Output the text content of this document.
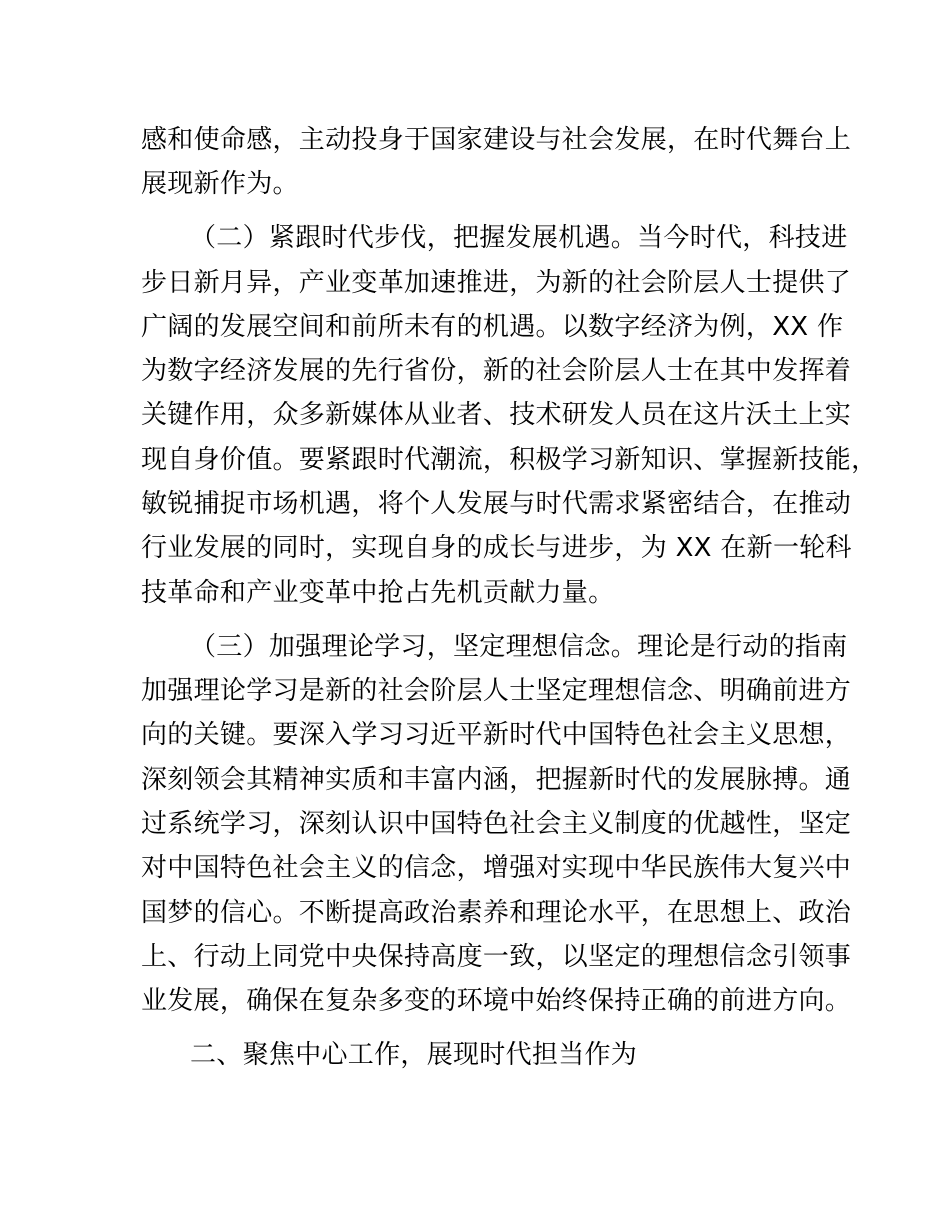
感和使命感，主动投身于国家建设与社会发展，在时代舞台上
展现新作为。
（二）紧跟时代步伐，把握发展机遇。当今时代，科技进
步日新月异，产业变革加速推进，为新的社会阶层人士提供了
广阔的发展空间和前所未有的机遇。以数字经济为例，XX 作
为数字经济发展的先行省份，新的社会阶层人士在其中发挥着
关键作用，众多新媒体从业者、技术研发人员在这片沃土上实
现自身价值。要紧跟时代潮流，积极学习新知识、掌握新技能，
敏锐捕捉市场机遇，将个人发展与时代需求紧密结合，在推动
行业发展的同时，实现自身的成长与进步，为 XX 在新一轮科
技革命和产业变革中抢占先机贡献力量。
（三）加强理论学习，坚定理想信念。理论是行动的指南
加强理论学习是新的社会阶层人士坚定理想信念、明确前进方
向的关键。要深入学习习近平新时代中国特色社会主义思想，
深刻领会其精神实质和丰富内涵，把握新时代的发展脉搏。通
过系统学习，深刻认识中国特色社会主义制度的优越性，坚定
对中国特色社会主义的信念，增强对实现中华民族伟大复兴中
国梦的信心。不断提高政治素养和理论水平，在思想上、政治
上、行动上同党中央保持高度一致，以坚定的理想信念引领事
业发展，确保在复杂多变的环境中始终保持正确的前进方向。
二、聚焦中心工作，展现时代担当作为
